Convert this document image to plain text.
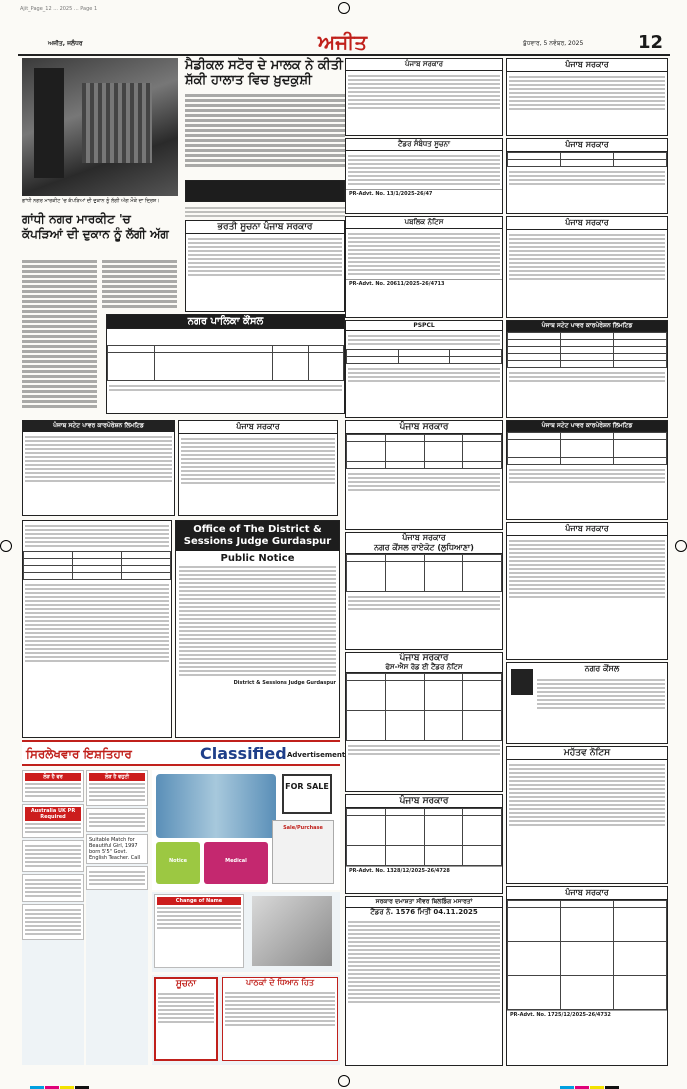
Ajit_Page_12 ... 2025 ... Page 1
ਅਜੀਤ, ਜਲੰਧਰ	ਅਜੀਤ	ਬੁੱਧਵਾਰ, 5 ਨਵੰਬਰ, 2025	12
ਗਾਂਧੀ ਨਗਰ ਮਾਰਕੀਟ 'ਚ ਕੱਪੜਿਆਂ ਦੀ ਦੁਕਾਨ ਨੂੰ ਲੱਗੀ ਅੱਗ ਮੌਕੇ ਦਾ ਦ੍ਰਿਸ਼।
ਮੈਡੀਕਲ ਸਟੋਰ ਦੇ ਮਾਲਕ ਨੇ ਕੀਤੀ
ਸ਼ੱਕੀ ਹਾਲਾਤ ਵਿਚ ਖ਼ੁਦਕੁਸ਼ੀ
ਗਾਂਧੀ ਨਗਰ ਮਾਰਕੀਟ 'ਚ
ਕੱਪੜਿਆਂ ਦੀ ਦੁਕਾਨ ਨੂੰ ਲੱਗੀ ਅੱਗ	ਭਰਤੀ ਸੂਚਨਾ ਪੰਜਾਬ ਸਰਕਾਰ
ਨਗਰ ਪਾਲਿਕਾ ਕੌਂਸਲ

ਪੰਜਾਬ ਸਟੇਟ ਪਾਵਰ ਕਾਰਪੋਰੇਸ਼ਨ ਲਿਮਟਿਡ	ਪੰਜਾਬ ਸਰਕਾਰ

Office of The District &
Sessions Judge Gurdaspur
Public Notice
District & Sessions Judge Gurdaspur
ਸਿਰਲੇਖਵਾਰ ਇਸ਼ਤਿਹਾਰ	Classified Advertisement
ਲੋੜ ਹੈ ਵਰ
Australia UK PR Required
ਲੋੜ ਹੈ ਵਹੁਟੀ
Suitable Match for Beautiful Girl, 1997 born 5'5" Govt. English Teacher. Call
FOR SALE
Notice	Medical
Sale/Purchase
Change of Name
ਸੂਚਨਾ	ਪਾਠਕਾਂ ਦੇ ਧਿਆਨ ਹਿਤ
ਪੰਜਾਬ ਸਰਕਾਰ
ਟੈਂਡਰ ਸੰਬੰਧਤ ਸੂਚਨਾ
PR-Advt. No. 13/1/2025-26/47
ਪਬਲਿਕ ਨੋਟਿਸ
PR-Advt. No. 20611/2025-26/4713
PSPCL

ਪੰਜਾਬ ਸਰਕਾਰ

ਪੰਜਾਬ ਸਰਕਾਰ
ਨਗਰ ਕੌਂਸਲ ਰਾਏਕੋਟ (ਲੁਧਿਆਣਾ)

ਪੰਜਾਬ ਸਰਕਾਰ
ਫੇਸ-ਐਸ ਰੋਡ ਈ ਟੈਂਡਰ ਨੋਟਿਸ

ਪੰਜਾਬ ਸਰਕਾਰ

PR-Advt. No. 1328/12/2025-26/4728
ਸਰਕਾਰ ਦਮਾਸ਼ਤਾ ਸੀਵਰ ਬਿਲਡਿੰਗ ਮਸਾਰਤਾਂ
ਟੈਂਡਰ ਨੰ. 1576 ਮਿਤੀ 04.11.2025
ਪੰਜਾਬ ਸਰਕਾਰ
ਪੰਜਾਬ ਸਰਕਾਰ

ਪੰਜਾਬ ਸਰਕਾਰ
ਪੰਜਾਬ ਸਟੇਟ ਪਾਵਰ ਕਾਰਪੋਰੇਸ਼ਨ ਲਿਮਟਿਡ

ਪੰਜਾਬ ਸਟੇਟ ਪਾਵਰ ਕਾਰਪੋਰੇਸ਼ਨ ਲਿਮਟਿਡ

ਪੰਜਾਬ ਸਰਕਾਰ
ਨਗਰ ਕੌਂਸਲ
ਮਹੱਤਵ ਨੋਟਿਸ
ਪੰਜਾਬ ਸਰਕਾਰ

PR-Advt. No. 1725/12/2025-26/4732
